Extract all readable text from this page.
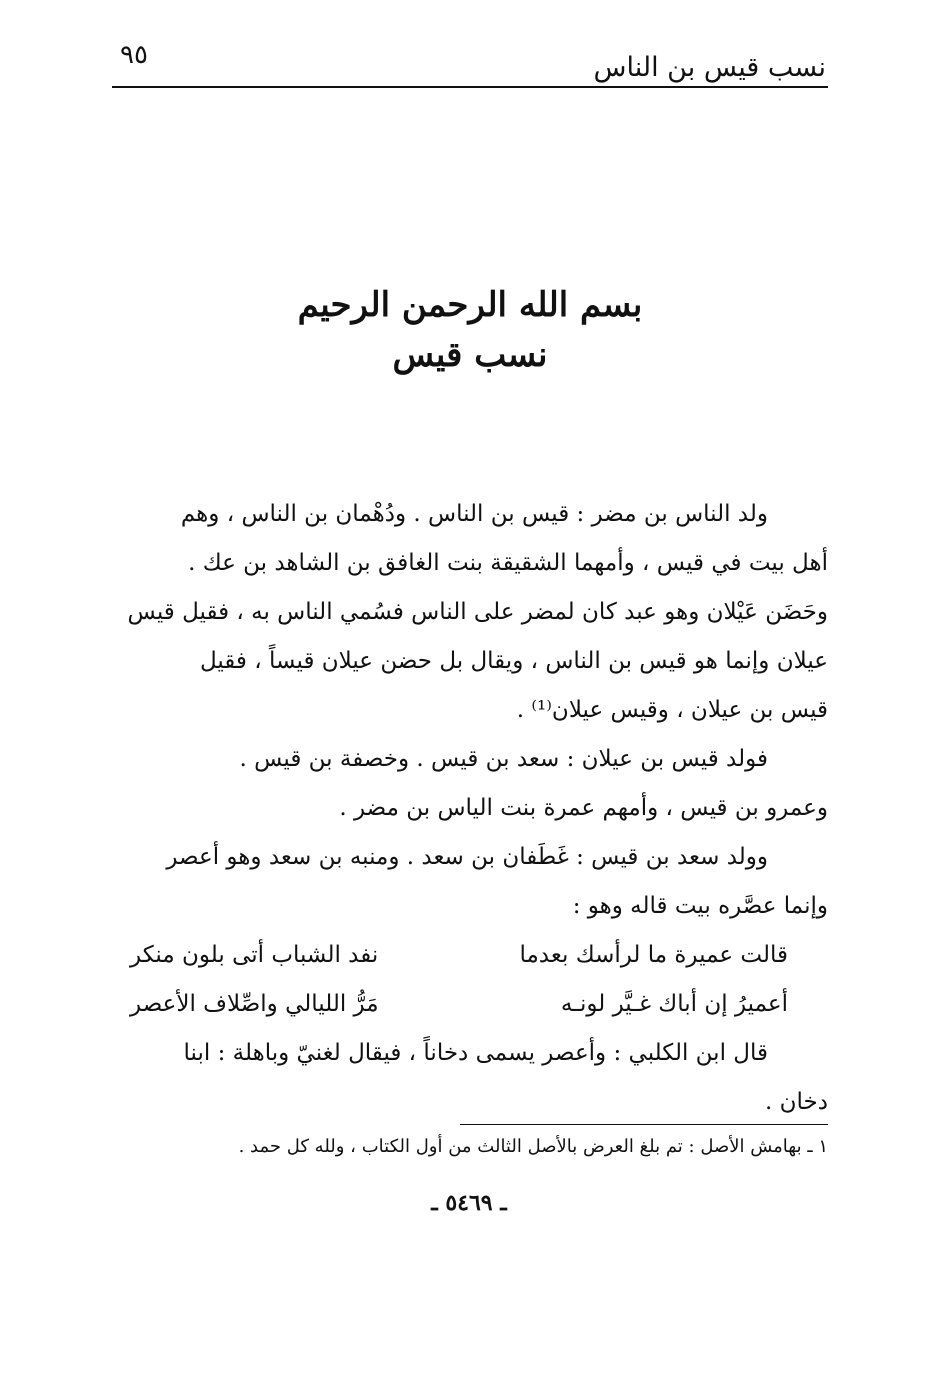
نسب قيس بن الناس
٩٥
بسم الله الرحمن الرحيم
نسب قيس
ولد الناس بن مضر : قيس بن الناس . ودُهْمان بن الناس ، وهم
أهل بيت في قيس ، وأمهما الشقيقة بنت الغافق بن الشاهد بن عك .
وحَضَن عَيْلان وهو عبد كان لمضر على الناس فسُمي الناس به ، فقيل قيس
عيلان وإنما هو قيس بن الناس ، ويقال بل حضن عيلان قيساً ، فقيل
قيس بن عيلان ، وقيس عيلان⁽¹⁾ .
فولد قيس بن عيلان : سعد بن قيس . وخصفة بن قيس .
وعمرو بن قيس ، وأمهم عمرة بنت الياس بن مضر .
وولد سعد بن قيس : غَطَفان بن سعد . ومنبه بن سعد وهو أعصر
وإنما عصَّره بيت قاله وهو :
قالت عميرة ما لرأسك بعدما
نفد الشباب أتى بلون منكر
أعميرُ إن أباك غـيَّر لونـه
مَرُّ الليالي واصِّلاف الأعصر
قال ابن الكلبي : وأعصر يسمى دخاناً ، فيقال لغنيّ وباهلة : ابنا
دخان .
١ ـ بهامش الأصل : تم بلغ العرض بالأصل الثالث من أول الكتاب ، ولله كل حمد .
ـ ٥٤٦٩ ـ
